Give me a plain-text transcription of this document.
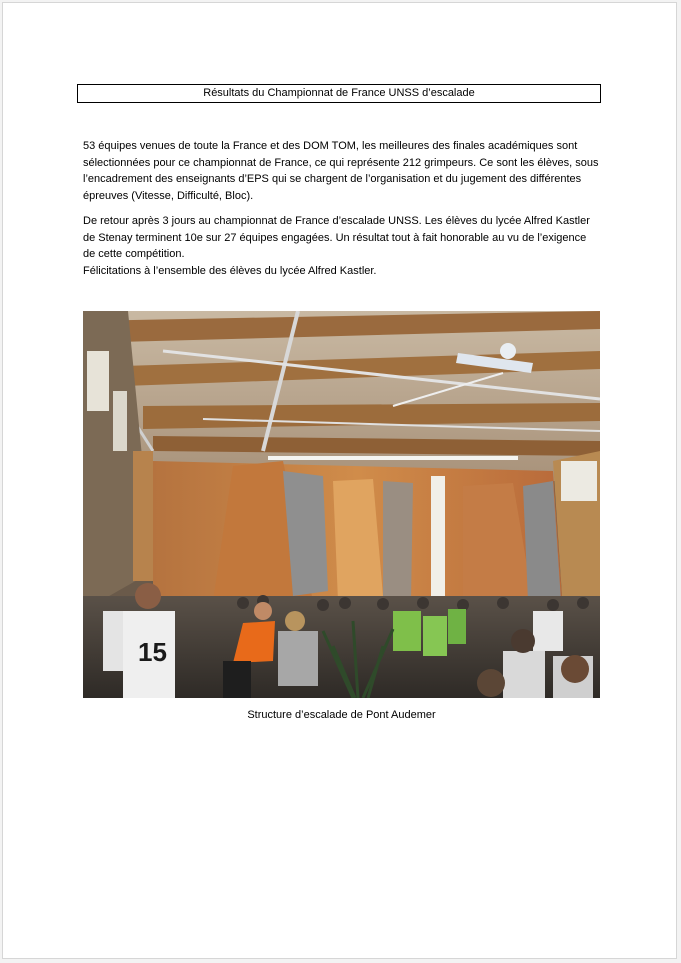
Résultats du Championnat de France UNSS d’escalade

53 équipes venues de toute la France et des DOM TOM, les meilleures des finales académiques sont sélectionnées pour ce championnat de France, ce qui représente 212 grimpeurs. Ce sont les élèves, sous l’encadrement des enseignants d’EPS qui se chargent de l’organisation et du jugement des différentes épreuves (Vitesse, Difficulté, Bloc).

De retour après 3 jours au championnat de France d’escalade UNSS. Les élèves du lycée Alfred Kastler de Stenay terminent 10e sur 27 équipes engagées. Un résultat tout à fait honorable au vu de l’exigence de cette compétition.
Félicitations à l’ensemble des élèves du lycée Alfred Kastler.
15
Structure d’escalade de Pont Audemer
